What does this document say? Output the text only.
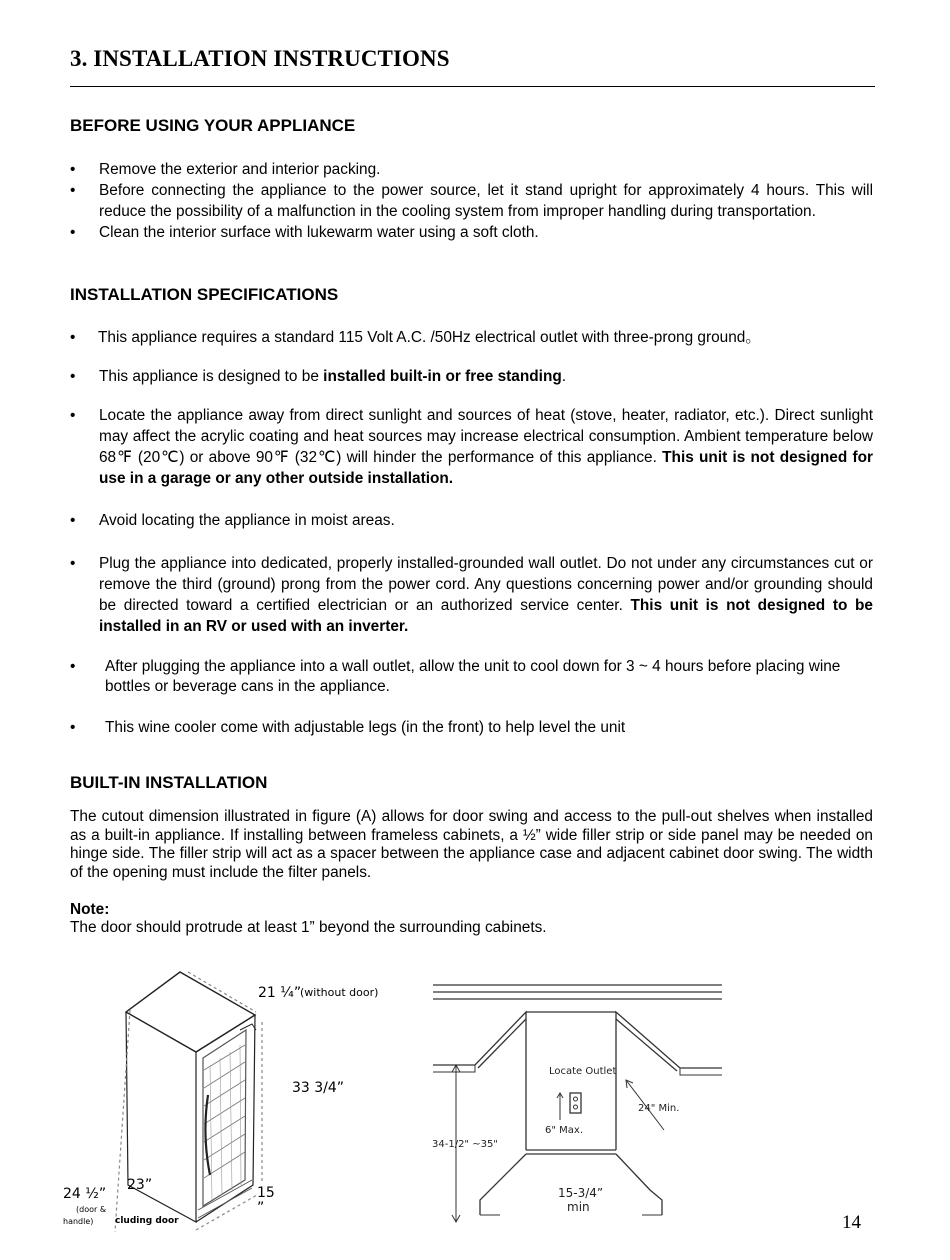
3. INSTALLATION INSTRUCTIONS
BEFORE USING YOUR APPLIANCE
• Remove the exterior and interior packing.
• Before connecting the appliance to the power source, let it stand upright for approximately 4 hours. This will reduce the possibility of a malfunction in the cooling system from improper handling during transportation.
• Clean the interior surface with lukewarm water using a soft cloth.
INSTALLATION SPECIFICATIONS
• This appliance requires a standard 115 Volt A.C. /50Hz electrical outlet with three-prong ground。
• This appliance is designed to be installed built-in or free standing.
• Locate the appliance away from direct sunlight and sources of heat (stove, heater, radiator, etc.). Direct sunlight may affect the acrylic coating and heat sources may increase electrical consumption. Ambient temperature below 68℉ (20℃) or above 90℉ (32℃) will hinder the performance of this appliance. This unit is not designed for use in a garage or any other outside installation.
• Avoid locating the appliance in moist areas.
• Plug the appliance into dedicated, properly installed-grounded wall outlet. Do not under any circumstances cut or remove the third (ground) prong from the power cord. Any questions concerning power and/or grounding should be directed toward a certified electrician or an authorized service center. This unit is not designed to be installed in an RV or used with an inverter.
• After plugging the appliance into a wall outlet, allow the unit to cool down for 3 ~ 4 hours before placing wine bottles or beverage cans in the appliance.
• This wine cooler come with adjustable legs (in the front) to help level the unit
BUILT-IN INSTALLATION
The cutout dimension illustrated in figure (A) allows for door swing and access to the pull-out shelves when installed as a built-in appliance. If installing between frameless cabinets, a ½” wide filler strip or side panel may be needed on hinge side. The filler strip will act as a spacer between the appliance case and adjacent cabinet door swing. The width of the opening must include the filter panels.
Note:
The door should protrude at least 1” beyond the surrounding cabinets.
21 ¼”
(without door)
33 3/4”
24 ½”
(door &
handle)
23”	15
”
cluding door
Locate Outlet
6" Max.
24" Min.
34-1/2" ~35"
15-3/4”
min
14
